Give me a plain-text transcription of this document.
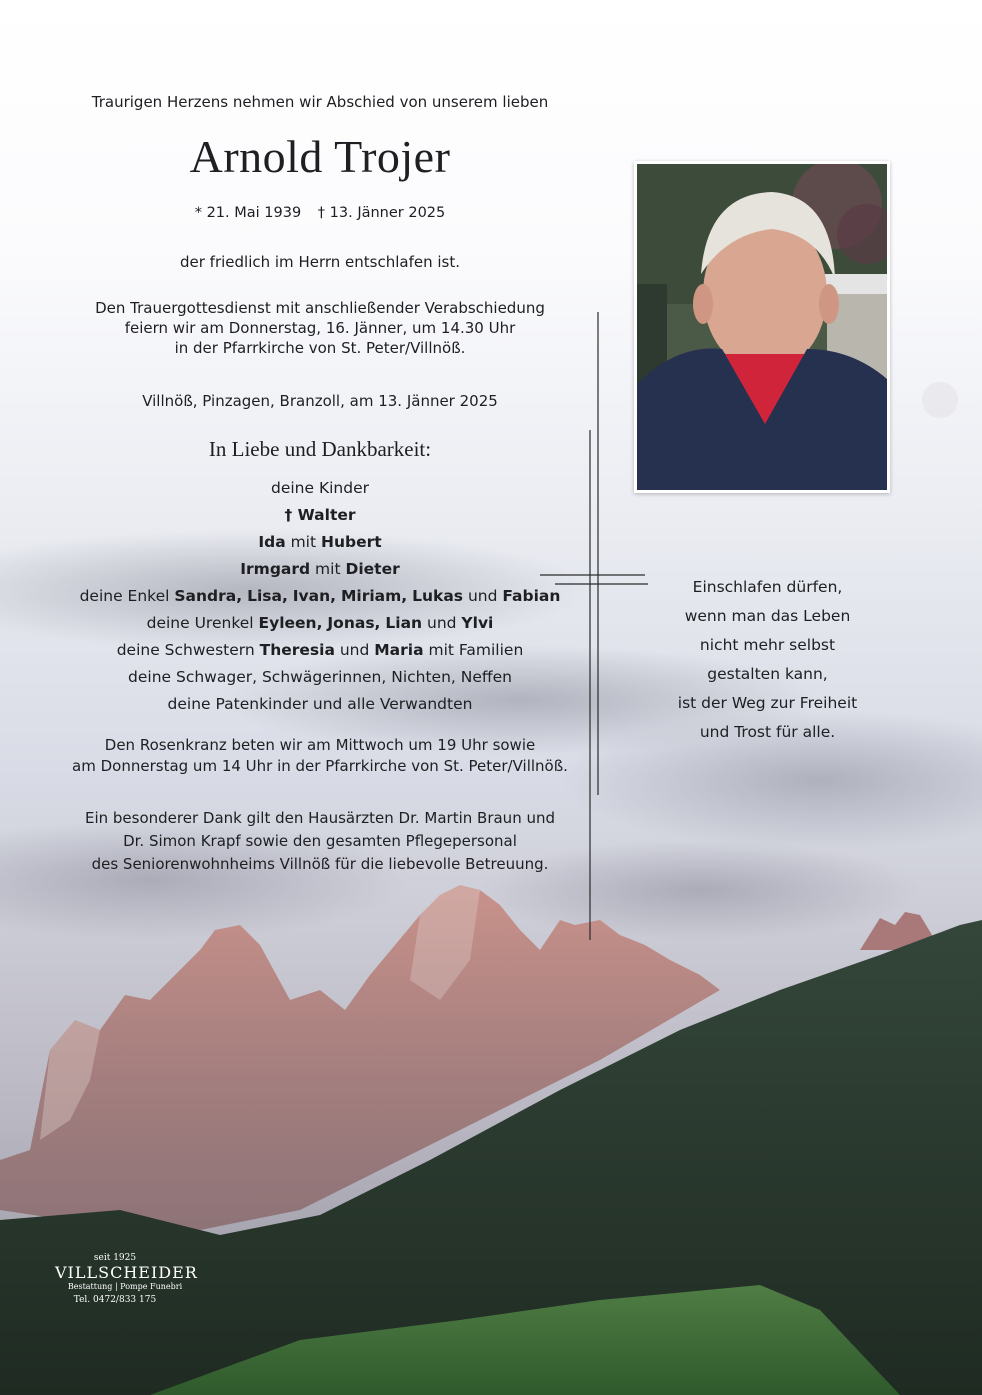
Traurigen Herzens nehmen wir Abschied von unserem lieben
Arnold Trojer
* 21. Mai 1939 † 13. Jänner 2025
der friedlich im Herrn entschlafen ist.
Den Trauergottesdienst mit anschließender Verabschiedung
feiern wir am Donnerstag, 16. Jänner, um 14.30 Uhr
in der Pfarrkirche von St. Peter/Villnöß.
Villnöß, Pinzagen, Branzoll, am 13. Jänner 2025
In Liebe und Dankbarkeit:
deine Kinder
† Walter
Ida mit Hubert
Irmgard mit Dieter
deine Enkel Sandra, Lisa, Ivan, Miriam, Lukas und Fabian
deine Urenkel Eyleen, Jonas, Lian und Ylvi
deine Schwestern Theresia und Maria mit Familien
deine Schwager, Schwägerinnen, Nichten, Neffen
deine Patenkinder und alle Verwandten
Den Rosenkranz beten wir am Mittwoch um 19 Uhr sowie
am Donnerstag um 14 Uhr in der Pfarrkirche von St. Peter/Villnöß.
Ein besonderer Dank gilt den Hausärzten Dr. Martin Braun und
Dr. Simon Krapf sowie den gesamten Pflegepersonal
des Seniorenwohnheims Villnöß für die liebevolle Betreuung.
Einschlafen dürfen,
wenn man das Leben
nicht mehr selbst
gestalten kann,
ist der Weg zur Freiheit
und Trost für alle.
seit 1925
VILLSCHEIDER
Bestattung | Pompe Funebri
Tel. 0472/833 175
